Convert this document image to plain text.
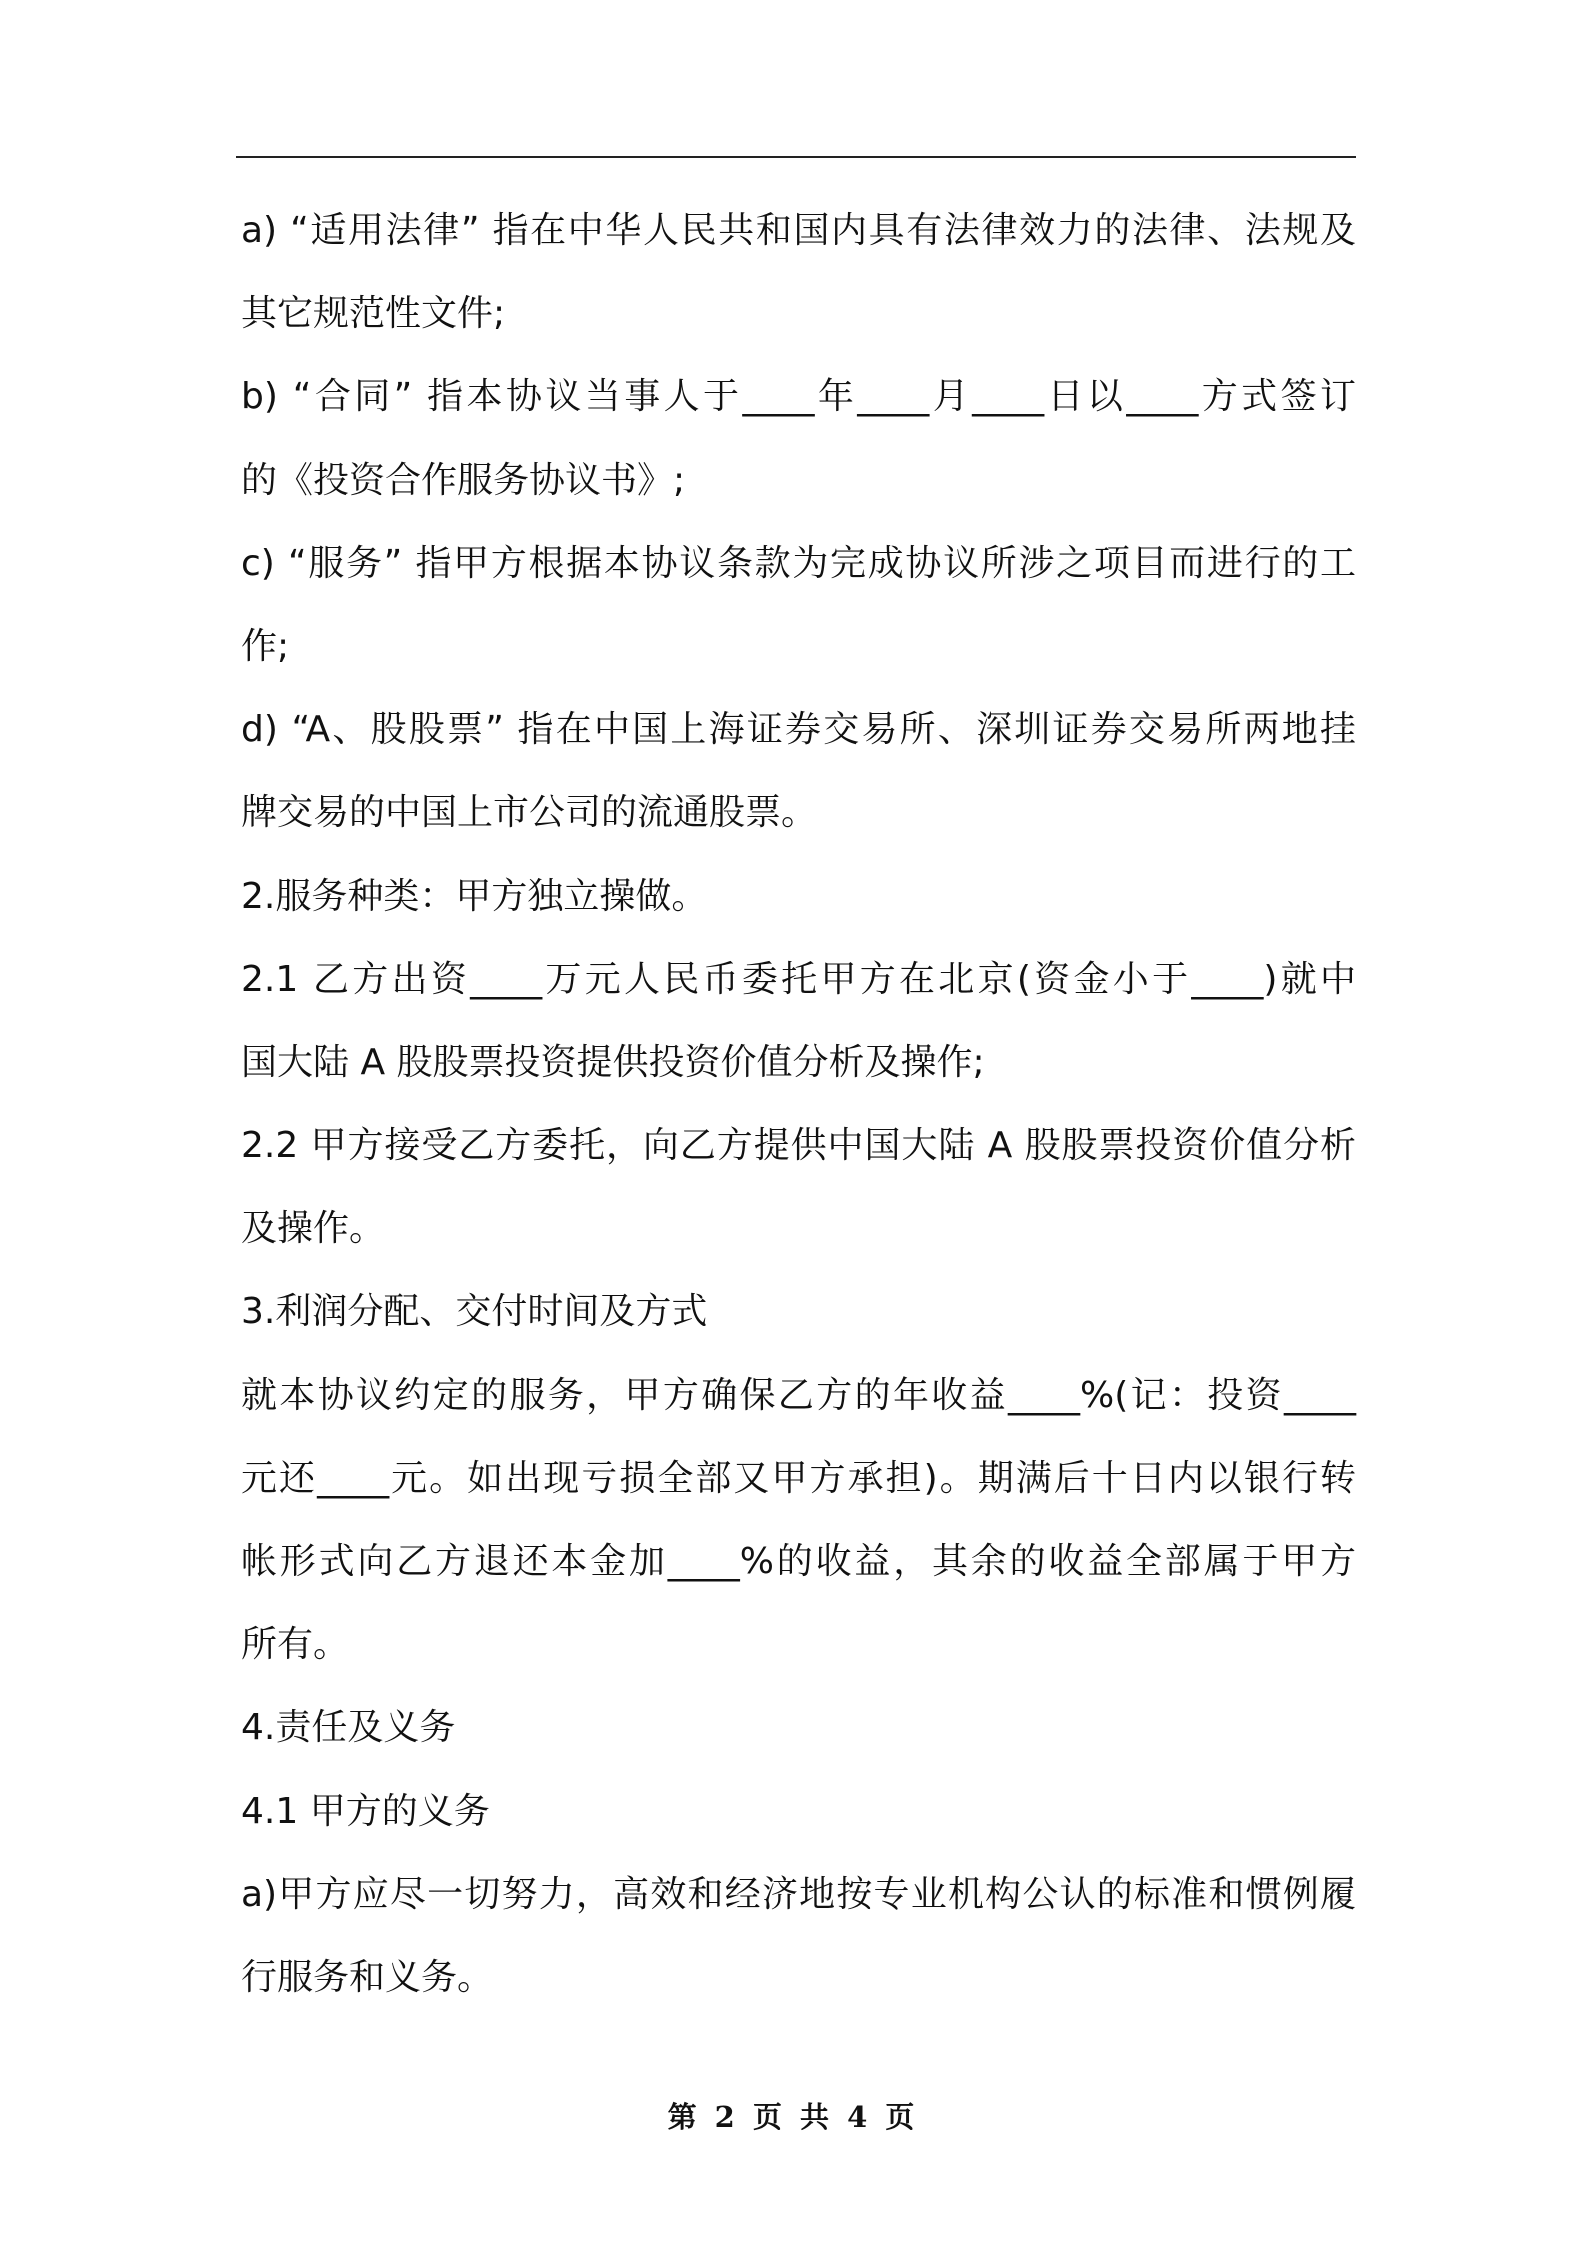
a) “适用法律” 指在中华人民共和国内具有法律效力的法律、法规及
其它规范性文件;
b) “合同” 指本协议当事人于____年____月____日以____方式签订
的《投资合作服务协议书》;
c) “服务” 指甲方根据本协议条款为完成协议所涉之项目而进行的工
作;
d) “A、股股票” 指在中国上海证券交易所、深圳证券交易所两地挂
牌交易的中国上市公司的流通股票。
2.服务种类：甲方独立操做。
2.1 乙方出资____万元人民币委托甲方在北京(资金小于____)就中
国大陆 A 股股票投资提供投资价值分析及操作;
2.2 甲方接受乙方委托，向乙方提供中国大陆 A 股股票投资价值分析
及操作。
3.利润分配、交付时间及方式
就本协议约定的服务，甲方确保乙方的年收益____%(记：投资____
元还____元。如出现亏损全部又甲方承担)。期满后十日内以银行转
帐形式向乙方退还本金加____%的收益，其余的收益全部属于甲方
所有。
4.责任及义务
4.1 甲方的义务
a)甲方应尽一切努力，高效和经济地按专业机构公认的标准和惯例履
行服务和义务。
第 2 页 共 4 页
